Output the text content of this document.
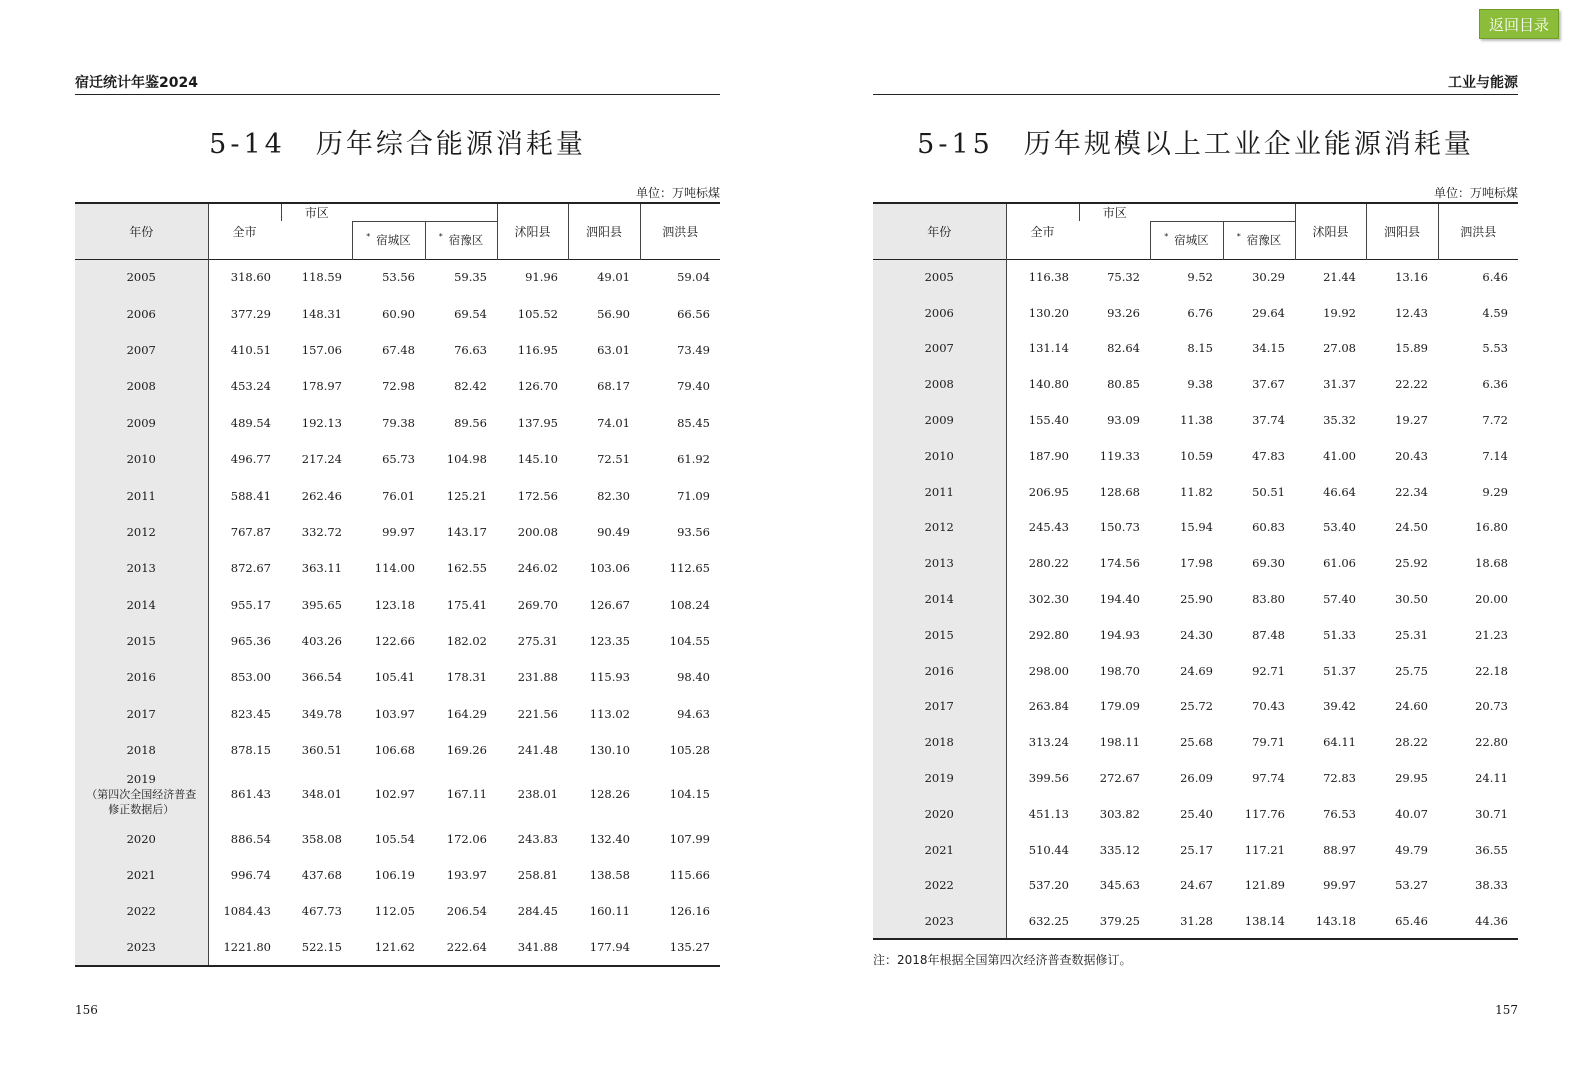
返回目录
宿迁统计年鉴2024
5-14 历年综合能源消耗量
单位：万吨标煤
年份	全市	市区			沭阳县	泗阳县	泗洪县
			* 宿城区	* 宿豫区			

2005	318.60	118.59	53.56	59.35	91.96	49.01	59.04

2006	377.29	148.31	60.90	69.54	105.52	56.90	66.56

2007	410.51	157.06	67.48	76.63	116.95	63.01	73.49

2008	453.24	178.97	72.98	82.42	126.70	68.17	79.40

2009	489.54	192.13	79.38	89.56	137.95	74.01	85.45

2010	496.77	217.24	65.73	104.98	145.10	72.51	61.92

2011	588.41	262.46	76.01	125.21	172.56	82.30	71.09

2012	767.87	332.72	99.97	143.17	200.08	90.49	93.56

2013	872.67	363.11	114.00	162.55	246.02	103.06	112.65

2014	955.17	395.65	123.18	175.41	269.70	126.67	108.24

2015	965.36	403.26	122.66	182.02	275.31	123.35	104.55

2016	853.00	366.54	105.41	178.31	231.88	115.93	98.40

2017	823.45	349.78	103.97	164.29	221.56	113.02	94.63

2018	878.15	360.51	106.68	169.26	241.48	130.10	105.28

2019
（第四次全国经济普查
修正数据后）	861.43	348.01	102.97	167.11	238.01	128.26	104.15

2020	886.54	358.08	105.54	172.06	243.83	132.40	107.99

2021	996.74	437.68	106.19	193.97	258.81	138.58	115.66

2022	1084.43	467.73	112.05	206.54	284.45	160.11	126.16

2023	1221.80	522.15	121.62	222.64	341.88	177.94	135.27
156
工业与能源
5-15 历年规模以上工业企业能源消耗量
单位：万吨标煤
年份	全市	市区			沭阳县	泗阳县	泗洪县
			* 宿城区	* 宿豫区			

2005	116.38	75.32	9.52	30.29	21.44	13.16	6.46

2006	130.20	93.26	6.76	29.64	19.92	12.43	4.59

2007	131.14	82.64	8.15	34.15	27.08	15.89	5.53

2008	140.80	80.85	9.38	37.67	31.37	22.22	6.36

2009	155.40	93.09	11.38	37.74	35.32	19.27	7.72

2010	187.90	119.33	10.59	47.83	41.00	20.43	7.14

2011	206.95	128.68	11.82	50.51	46.64	22.34	9.29

2012	245.43	150.73	15.94	60.83	53.40	24.50	16.80

2013	280.22	174.56	17.98	69.30	61.06	25.92	18.68

2014	302.30	194.40	25.90	83.80	57.40	30.50	20.00

2015	292.80	194.93	24.30	87.48	51.33	25.31	21.23

2016	298.00	198.70	24.69	92.71	51.37	25.75	22.18

2017	263.84	179.09	25.72	70.43	39.42	24.60	20.73

2018	313.24	198.11	25.68	79.71	64.11	28.22	22.80

2019	399.56	272.67	26.09	97.74	72.83	29.95	24.11

2020	451.13	303.82	25.40	117.76	76.53	40.07	30.71

2021	510.44	335.12	25.17	117.21	88.97	49.79	36.55

2022	537.20	345.63	24.67	121.89	99.97	53.27	38.33

2023	632.25	379.25	31.28	138.14	143.18	65.46	44.36
注：2018年根据全国第四次经济普查数据修订。
157
